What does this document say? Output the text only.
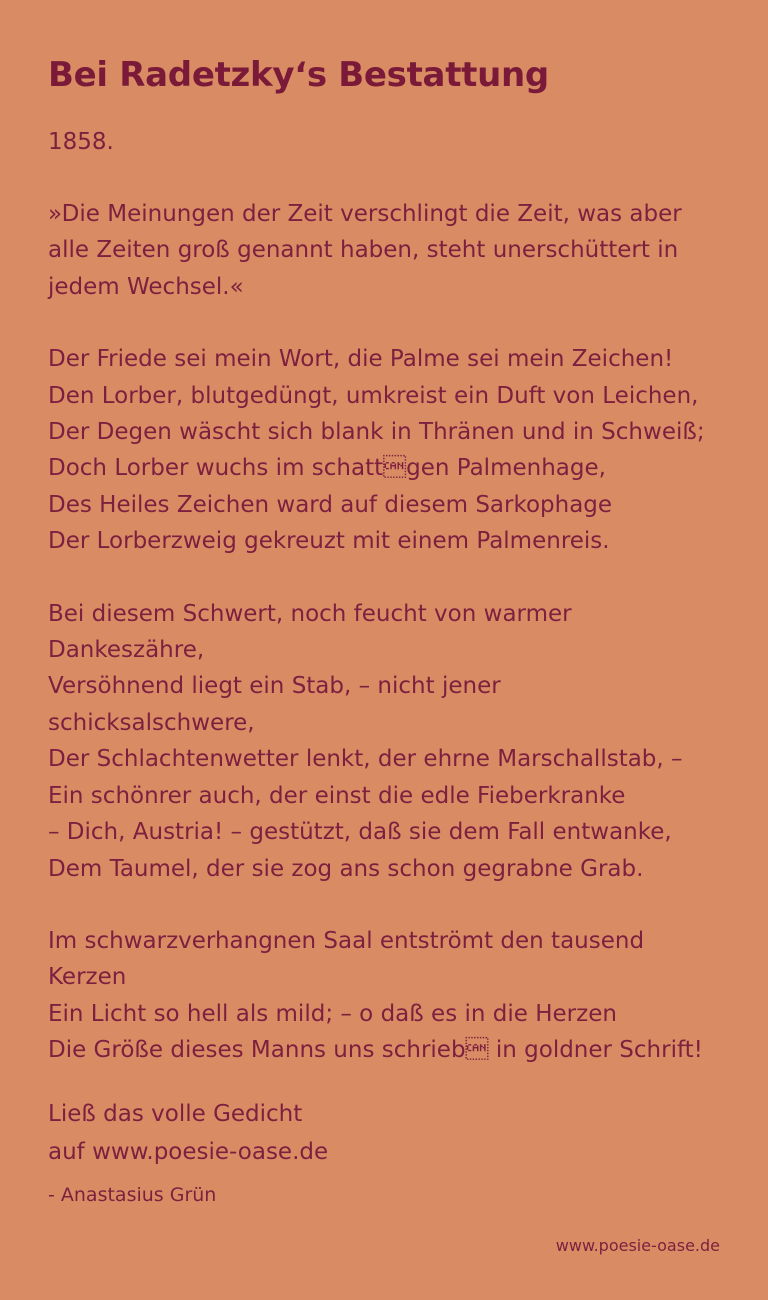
Bei Radetzky‘s Bestattung
1858.
»Die Meinungen der Zeit verschlingt die Zeit, was aber
alle Zeiten groß genannt haben, steht unerschüttert in
jedem Wechsel.«
Der Friede sei mein Wort, die Palme sei mein Zeichen!
Den Lorber, blutgedüngt, umkreist ein Duft von Leichen,
Der Degen wäscht sich blank in Thränen und in Schweiß;
Doch Lorber wuchs im schattgen Palmenhage,
Des Heiles Zeichen ward auf diesem Sarkophage
Der Lorberzweig gekreuzt mit einem Palmenreis.
Bei diesem Schwert, noch feucht von warmer
Dankeszähre,
Versöhnend liegt ein Stab, – nicht jener
schicksalschwere,
Der Schlachtenwetter lenkt, der ehrne Marschallstab, –
Ein schönrer auch, der einst die edle Fieberkranke
– Dich, Austria! – gestützt, daß sie dem Fall entwanke,
Dem Taumel, der sie zog ans schon gegrabne Grab.
Im schwarzverhangnen Saal entströmt den tausend
Kerzen
Ein Licht so hell als mild; – o daß es in die Herzen
Die Größe dieses Manns uns schrieb in goldner Schrift!
Ließ das volle Gedicht
auf www.poesie-oase.de
- Anastasius Grün
www.poesie-oase.de
